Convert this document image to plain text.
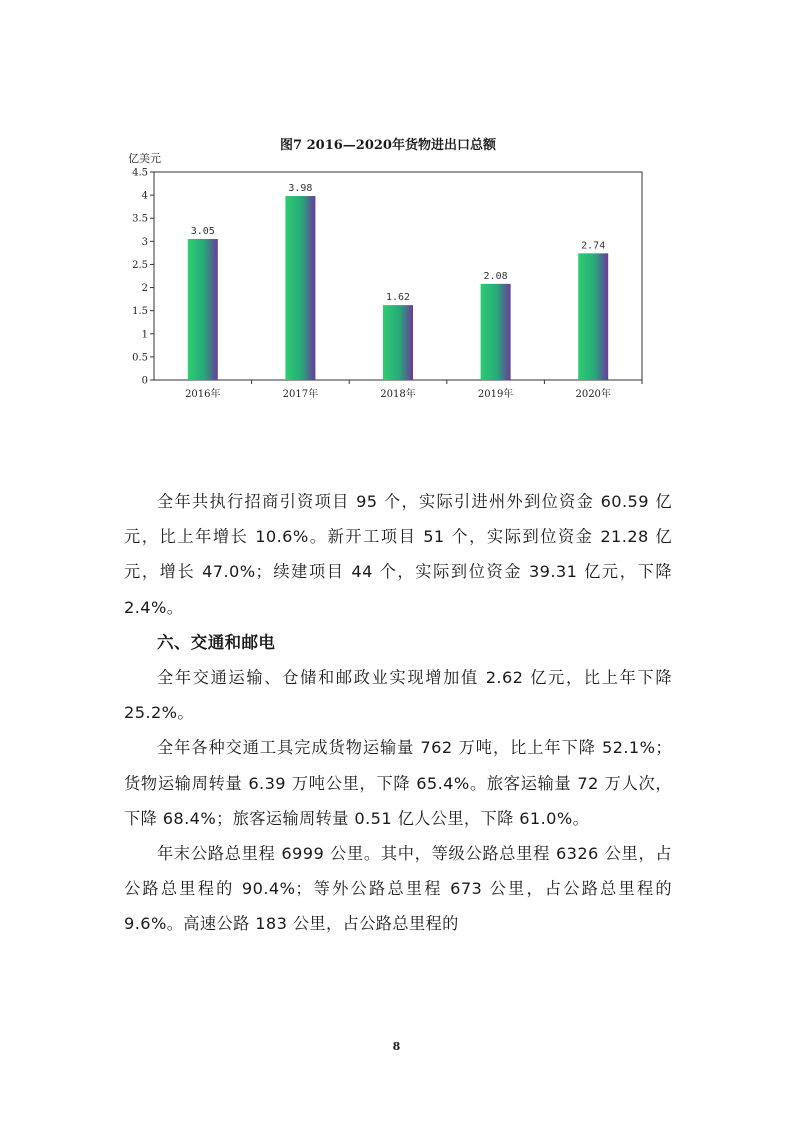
图7 2016—2020年货物进出口总额
亿美元
0
0.5
1
1.5
2
2.5
3
3.5
4
4.5
3.05
2016年
3.98
2017年
1.62
2018年
2.08
2019年
2.74
2020年

全年共执行招商引资项目 95 个，实际引进州外到位资金 60.59 亿元，比上年增长 10.6%。新开工项目 51 个，实际到位资金 21.28 亿元，增长 47.0%；续建项目 44 个，实际到位资金 39.31 亿元，下降 2.4%。

六、交通和邮电

全年交通运输、仓储和邮政业实现增加值 2.62 亿元，比上年下降 25.2%。

全年各种交通工具完成货物运输量 762 万吨，比上年下降 52.1%；货物运输周转量 6.39 万吨公里，下降 65.4%。旅客运输量 72 万人次，下降 68.4%；旅客运输周转量 0.51 亿人公里，下降 61.0%。

年末公路总里程 6999 公里。其中，等级公路总里程 6326 公里，占公路总里程的 90.4%；等外公路总里程 673 公里，占公路总里程的 9.6%。高速公路 183 公里，占公路总里程的

8
